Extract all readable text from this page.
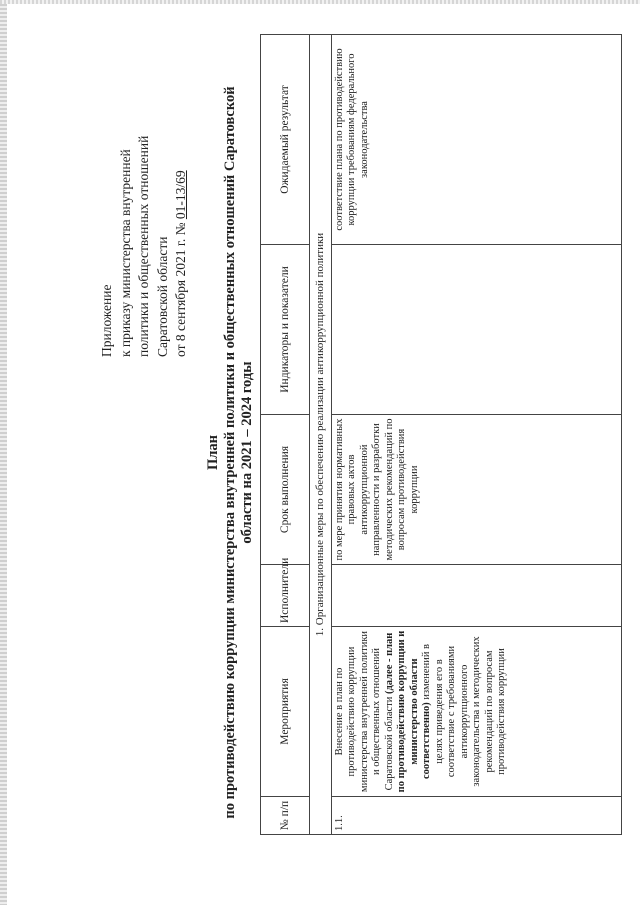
Приложение к приказу министерства внутренней политики и общественных отношений Саратовской области от 8 сентября 2021 г. № 01-13/69
План по противодействию коррупции министерства внутренней политики и общественных отношений Саратовской области на 2021 – 2024 годы
№ п/п	Мероприятия	Исполнители	Срок выполнения	Индикаторы и показатели	Ожидаемый результат
1. Организационные меры по обеспечению реализации антикоррупционной политики					
1.1.	Внесение в план по противодействию коррупции министерства внутренней политики и общественных отношений Саратовской области (далее - план по противодействию коррупции и министерство области соответственно) изменений в целях приведения его в соответствие с требованиями антикоррупционного законодательства и методических рекомендаций по вопросам противодействия коррупции		по мере принятия нормативных правовых актов антикоррупционной направленности и разработки методических рекомендаций по вопросам противодействия коррупции		соответствие плана по противодействию коррупции требованиям федерального законодательства
